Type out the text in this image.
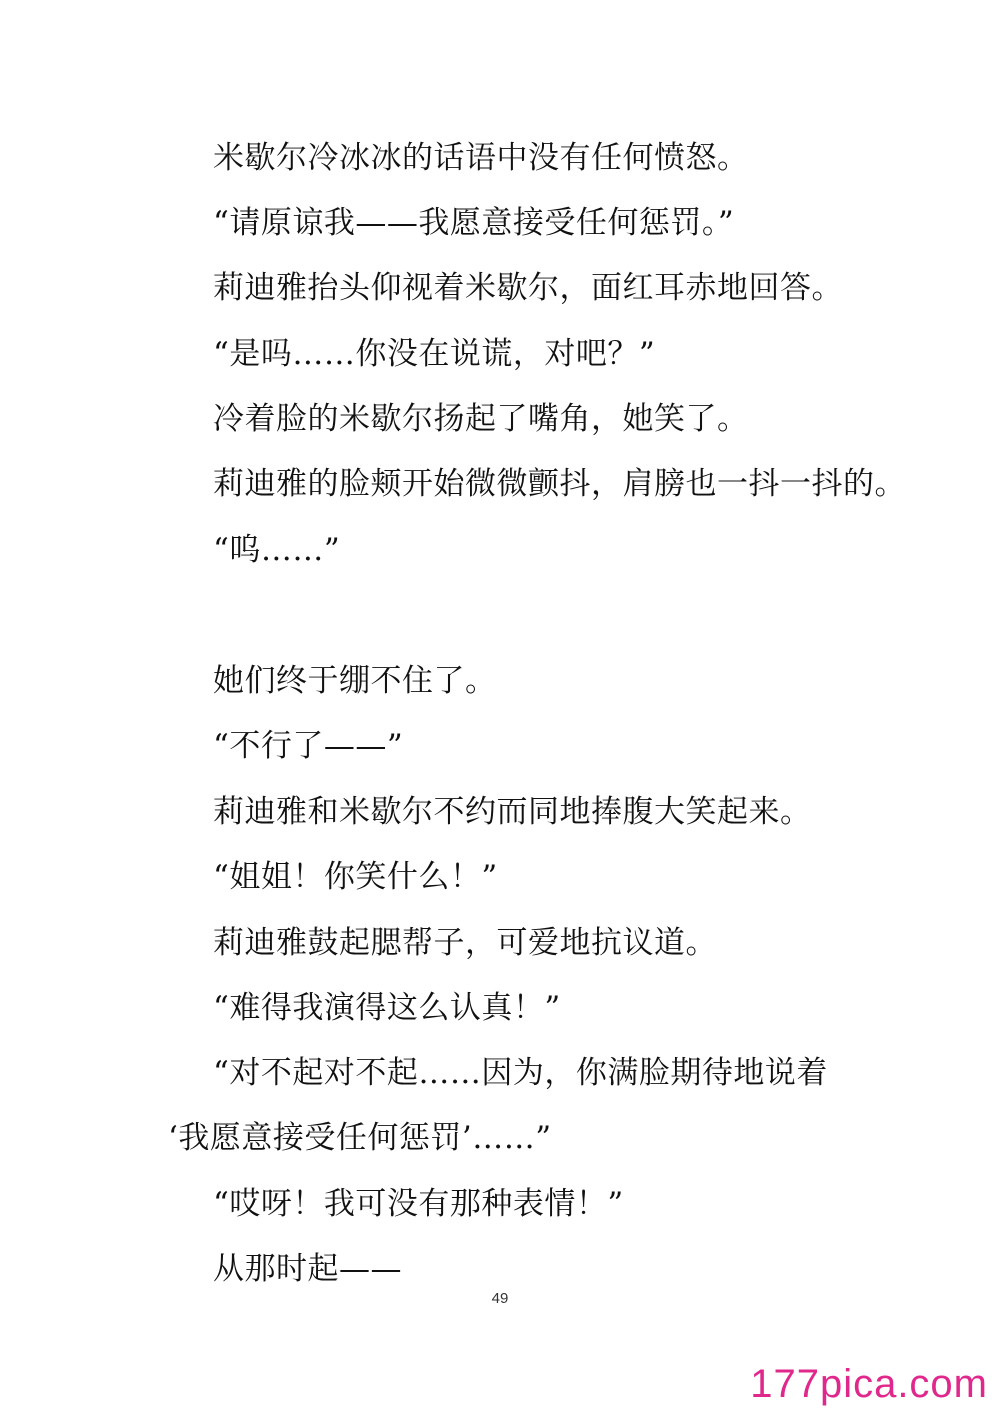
米歇尔冷冰冰的话语中没有任何愤怒。
“请原谅我——我愿意接受任何惩罚。”
莉迪雅抬头仰视着米歇尔，面红耳赤地回答。
“是吗……你没在说谎，对吧？”
冷着脸的米歇尔扬起了嘴角，她笑了。
莉迪雅的脸颊开始微微颤抖，肩膀也一抖一抖的。
“呜……”
她们终于绷不住了。
“不行了——”
莉迪雅和米歇尔不约而同地捧腹大笑起来。
“姐姐！你笑什么！”
莉迪雅鼓起腮帮子，可爱地抗议道。
“难得我演得这么认真！”
“对不起对不起……因为，你满脸期待地说着
‘我愿意接受任何惩罚’……”
“哎呀！我可没有那种表情！”
从那时起——
49
177pica.com
